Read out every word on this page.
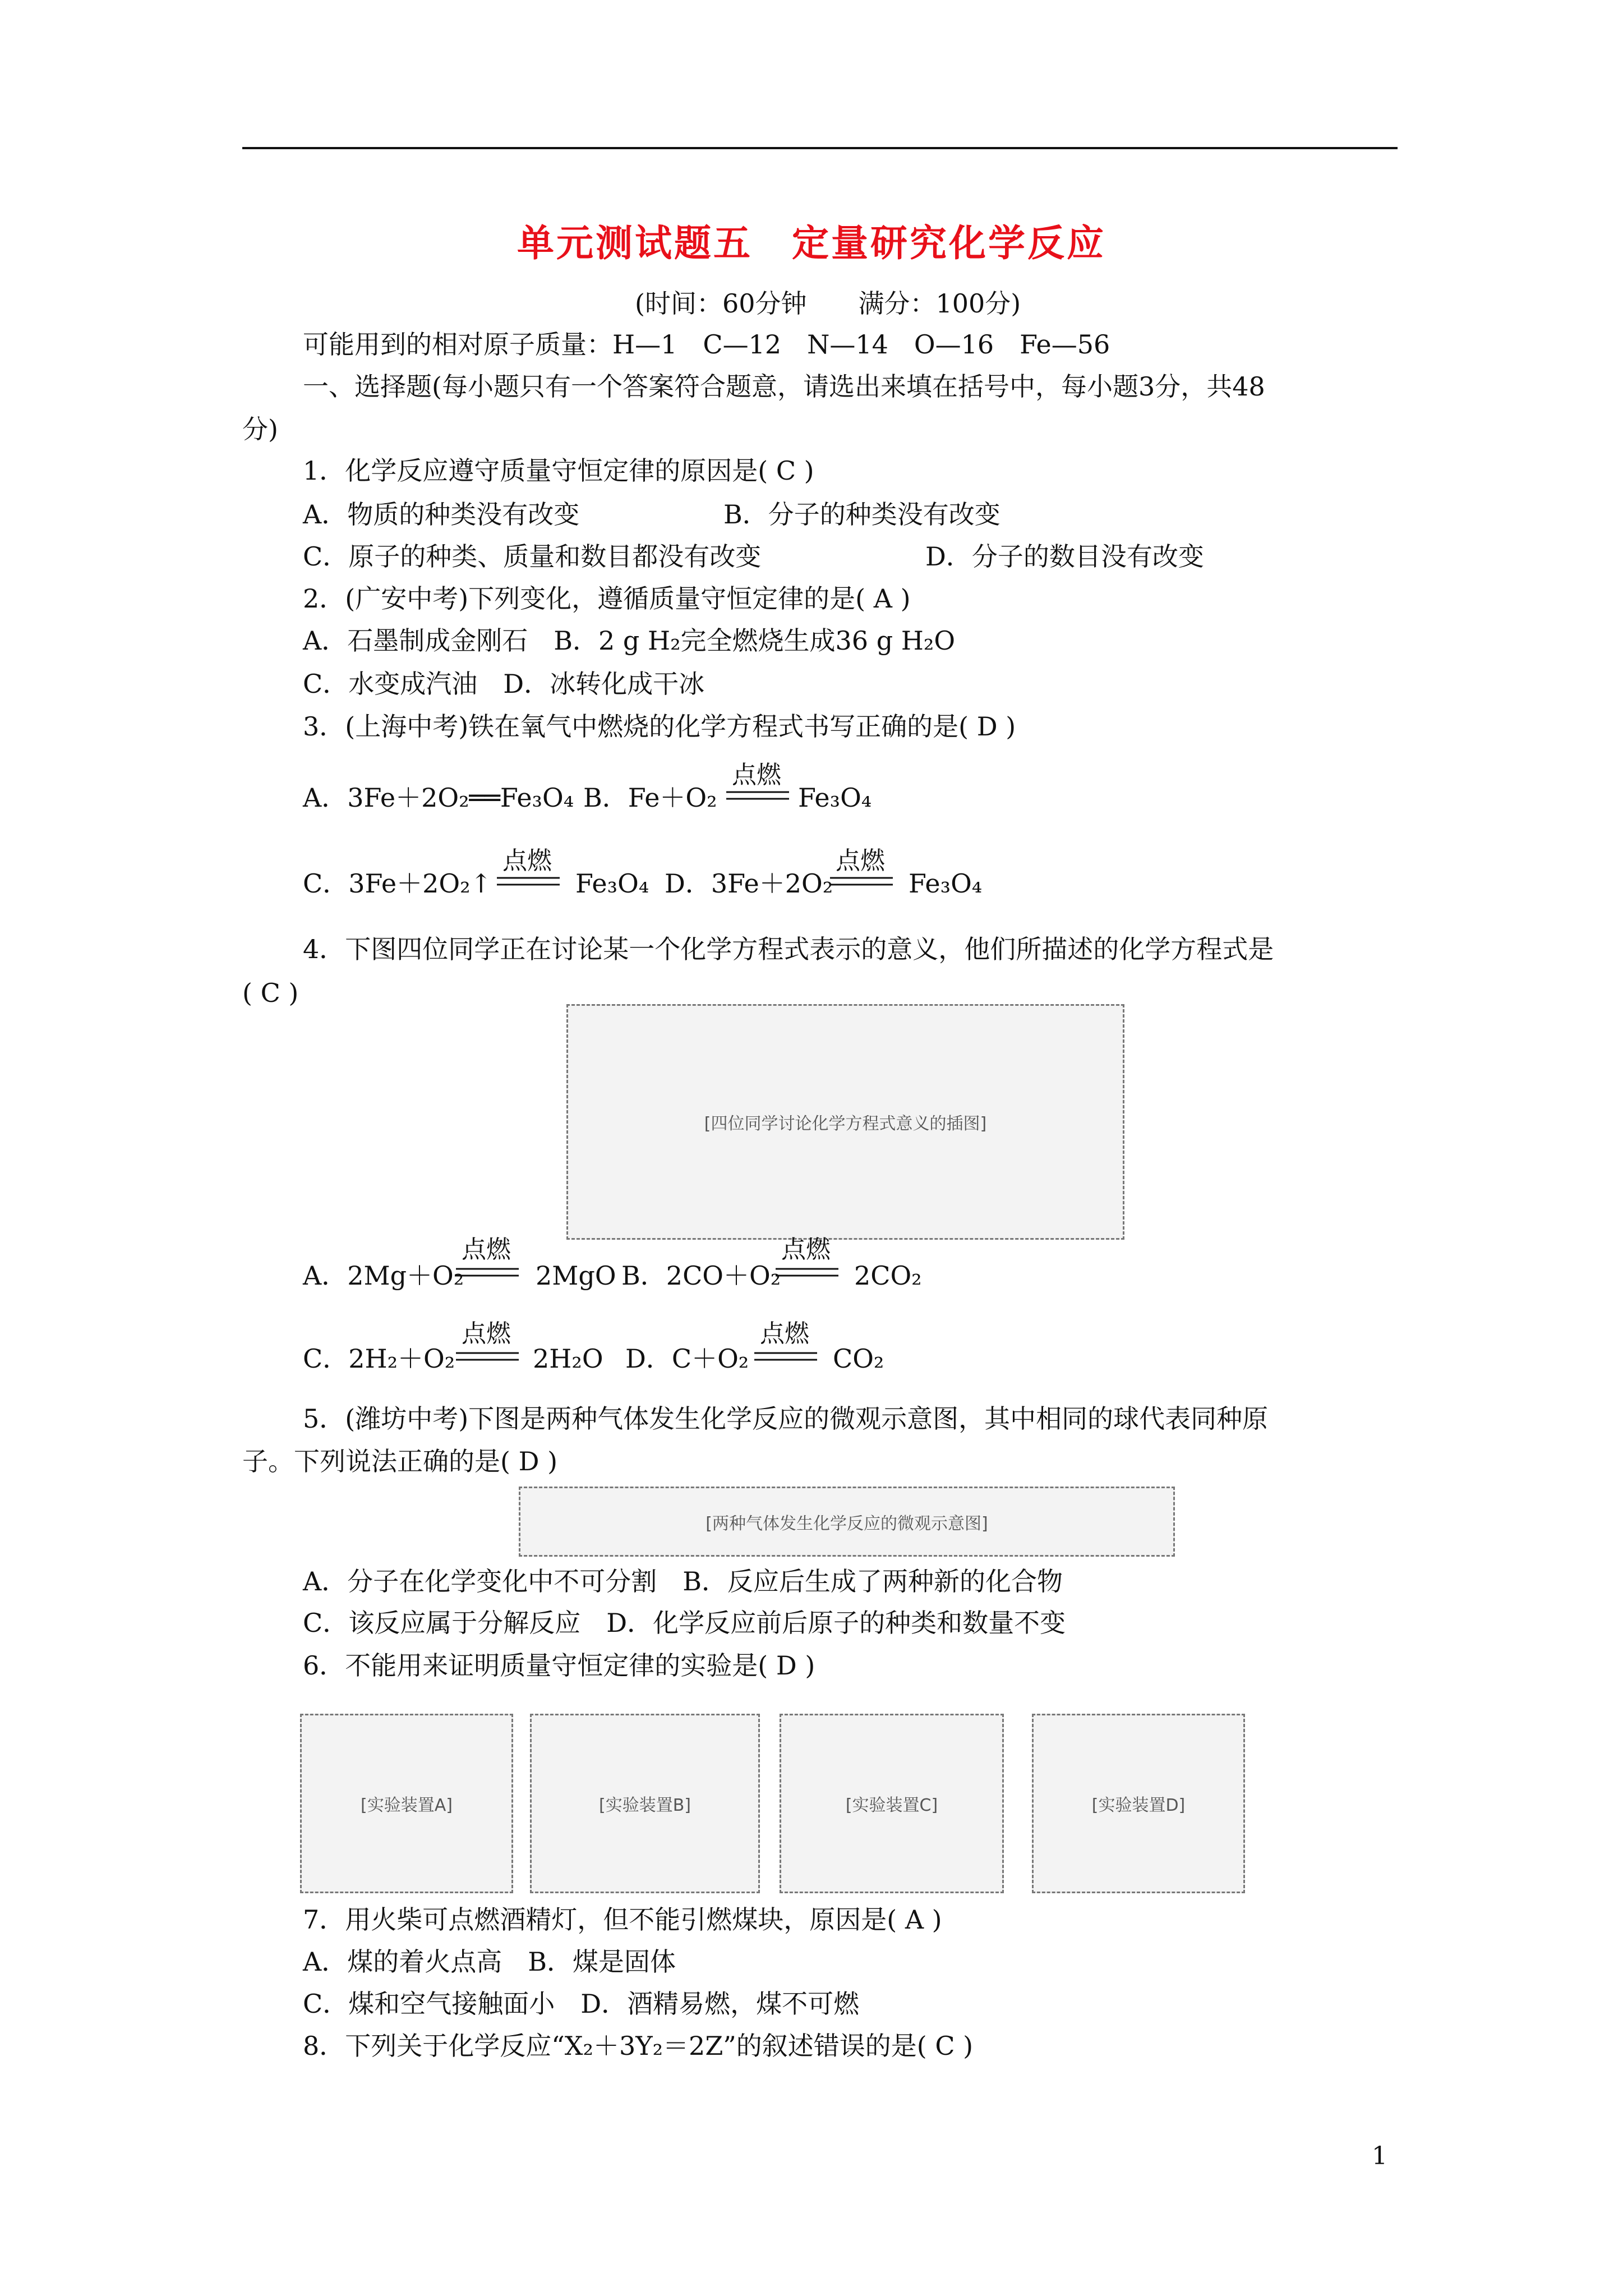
单元测试题五　定量研究化学反应

(时间：60分钟　　满分：100分)

可能用到的相对原子质量：H—1　C—12　N—14　O—16　Fe—56

一、选择题(每小题只有一个答案符合题意，请选出来填在括号中，每小题3分，共48

分)

1．化学反应遵守质量守恒定律的原因是( C )

A．物质的种类没有改变	B．分子的种类没有改变

C．原子的种类、质量和数目都没有改变	D．分子的数目没有改变

2．(广安中考)下列变化，遵循质量守恒定律的是( A )

A．石墨制成金刚石　B．2 g H₂完全燃烧生成36 g H₂O

C．水变成汽油　D．冰转化成干冰

3．(上海中考)铁在氧气中燃烧的化学方程式书写正确的是( D )

A．3Fe＋2O₂══Fe₃O₄ B．Fe＋O₂
点燃
Fe₃O₄
C．3Fe＋2O₂↑
点燃
Fe₃O₄ D．3Fe＋2O₂
点燃
Fe₃O₄

4．下图四位同学正在讨论某一个化学方程式表示的意义，他们所描述的化学方程式是

( C )

[四位同学讨论化学方程式意义的插图]
A．2Mg＋O₂
点燃
2MgO B．2CO＋O₂
点燃
2CO₂
C．2H₂＋O₂
点燃
2H₂O D．C＋O₂
点燃
CO₂

5．(潍坊中考)下图是两种气体发生化学反应的微观示意图，其中相同的球代表同种原

子。下列说法正确的是( D )

[两种气体发生化学反应的微观示意图]

A．分子在化学变化中不可分割　B．反应后生成了两种新的化合物

C．该反应属于分解反应　D．化学反应前后原子的种类和数量不变

6．不能用来证明质量守恒定律的实验是( D )

[实验装置A]	[实验装置B]	[实验装置C]	[实验装置D]

7．用火柴可点燃酒精灯，但不能引燃煤块，原因是( A )

A．煤的着火点高　B．煤是固体

C．煤和空气接触面小　D．酒精易燃，煤不可燃

8．下列关于化学反应“X₂＋3Y₂＝2Z”的叙述错误的是( C )

1
